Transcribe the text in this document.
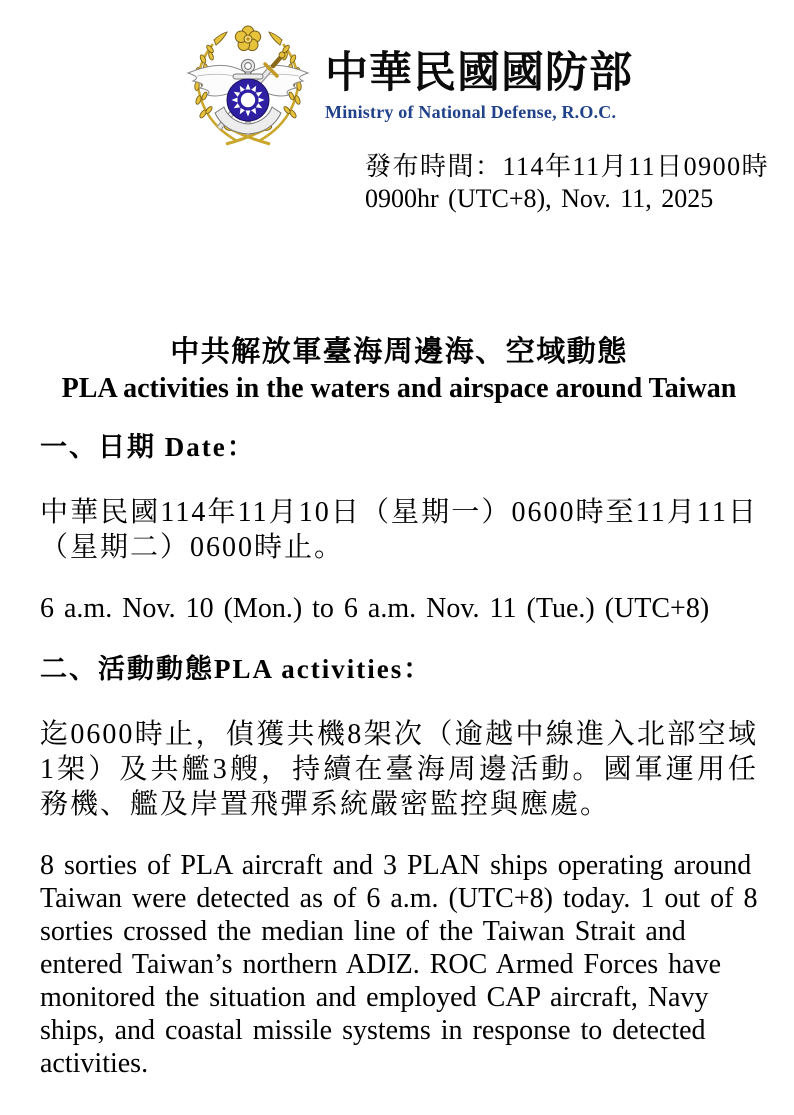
中華民國國防部
Ministry of National Defense, R.O.C.
發布時間：114年11月11日0900時
0900hr (UTC+8), Nov. 11, 2025
中共解放軍臺海周邊海、空域動態
PLA activities in the waters and airspace around Taiwan
一、日期 Date：

中華民國114年11月10日（星期一）0600時至11月11日（星期二）0600時止。

6 a.m. Nov. 10 (Mon.) to 6 a.m. Nov. 11 (Tue.) (UTC+8)

二、活動動態PLA activities：

迄0600時止，偵獲共機8架次（逾越中線進入北部空域1架）及共艦3艘，持續在臺海周邊活動。國軍運用任務機、艦及岸置飛彈系統嚴密監控與應處。

8 sorties of PLA aircraft and 3 PLAN ships operating around Taiwan were detected as of 6 a.m. (UTC+8) today. 1 out of 8 sorties crossed the median line of the Taiwan Strait and entered Taiwan’s northern ADIZ. ROC Armed Forces have monitored the situation and employed CAP aircraft, Navy ships, and coastal missile systems in response to detected activities.
